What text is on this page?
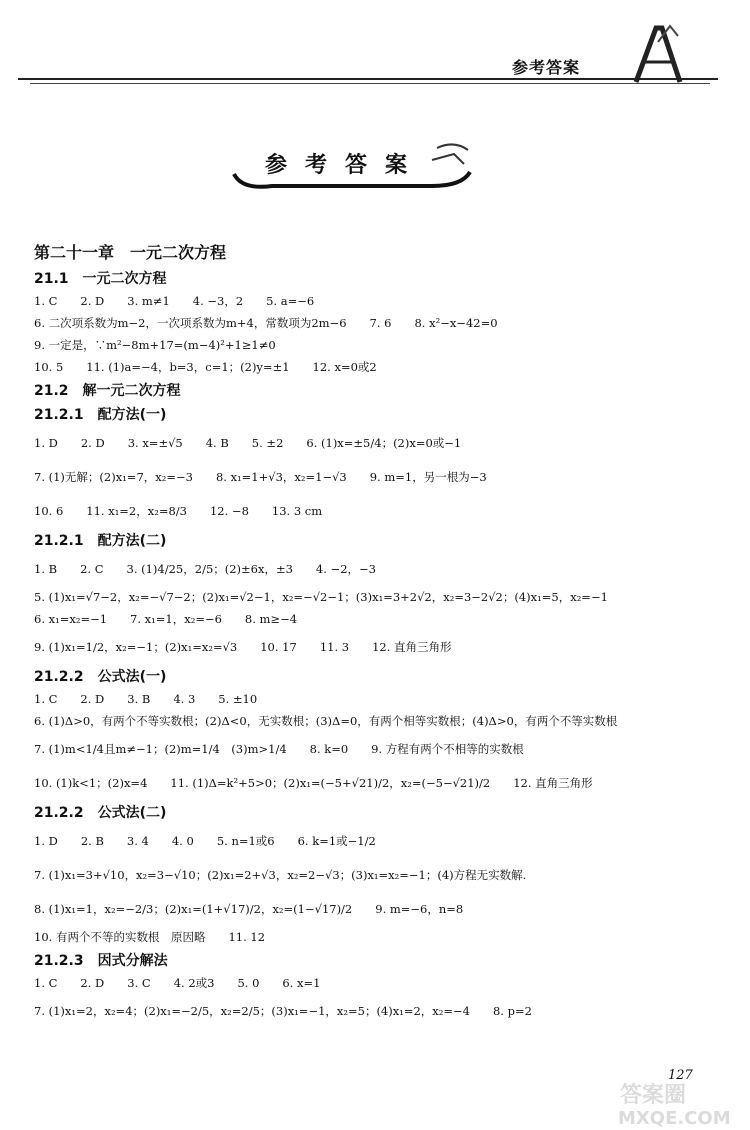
参考答案
参考答案
第二十一章　一元二次方程
21.1　一元二次方程
1. C　　2. D　　3. m≠1　　4. −3，2　　5. a=−6
6. 二次项系数为m−2，一次项系数为m+4，常数项为2m−6　　7. 6　　8. x²−x−42=0
9. 一定是，∵m²−8m+17=(m−4)²+1≥1≠0
10. 5　　11. (1)a=−4，b=3，c=1；(2)y=±1　　12. x=0或2
21.2　解一元二次方程
21.2.1　配方法(一)
1. D　　2. D　　3. x=±√5　　4. B　　5. ±2　　6. (1)x=±5/4；(2)x=0或−1
7. (1)无解；(2)x₁=7，x₂=−3　　8. x₁=1+√3，x₂=1−√3　　9. m=1，另一根为−3
10. 6　　11. x₁=2，x₂=8/3　　12. −8　　13. 3 cm
21.2.1　配方法(二)
1. B　　2. C　　3. (1)4/25，2/5；(2)±6x，±3　　4. −2，−3
5. (1)x₁=√7−2，x₂=−√7−2；(2)x₁=√2−1，x₂=−√2−1；(3)x₁=3+2√2，x₂=3−2√2；(4)x₁=5，x₂=−1
6. x₁=x₂=−1　　7. x₁=1，x₂=−6　　8. m≥−4
9. (1)x₁=1/2，x₂=−1；(2)x₁=x₂=√3　　10. 17　　11. 3　　12. 直角三角形
21.2.2　公式法(一)
1. C　　2. D　　3. B　　4. 3　　5. ±10
6. (1)Δ>0，有两个不等实数根；(2)Δ<0，无实数根；(3)Δ=0，有两个相等实数根；(4)Δ>0，有两个不等实数根
7. (1)m<1/4且m≠−1；(2)m=1/4　(3)m>1/4　　8. k=0　　9. 方程有两个不相等的实数根
10. (1)k<1；(2)x=4　　11. (1)Δ=k²+5>0；(2)x₁=(−5+√21)/2，x₂=(−5−√21)/2　　12. 直角三角形
21.2.2　公式法(二)
1. D　　2. B　　3. 4　　4. 0　　5. n=1或6　　6. k=1或−1/2
7. (1)x₁=3+√10，x₂=3−√10；(2)x₁=2+√3，x₂=2−√3；(3)x₁=x₂=−1；(4)方程无实数解.
8. (1)x₁=1，x₂=−2/3；(2)x₁=(1+√17)/2，x₂=(1−√17)/2　　9. m=−6，n=8
10. 有两个不等的实数根　原因略　　11. 12
21.2.3　因式分解法
1. C　　2. D　　3. C　　4. 2或3　　5. 0　　6. x=1
7. (1)x₁=2，x₂=4；(2)x₁=−2/5，x₂=2/5；(3)x₁=−1，x₂=5；(4)x₁=2，x₂=−4　　8. p=2
127
答案圈
MXQE.COM
